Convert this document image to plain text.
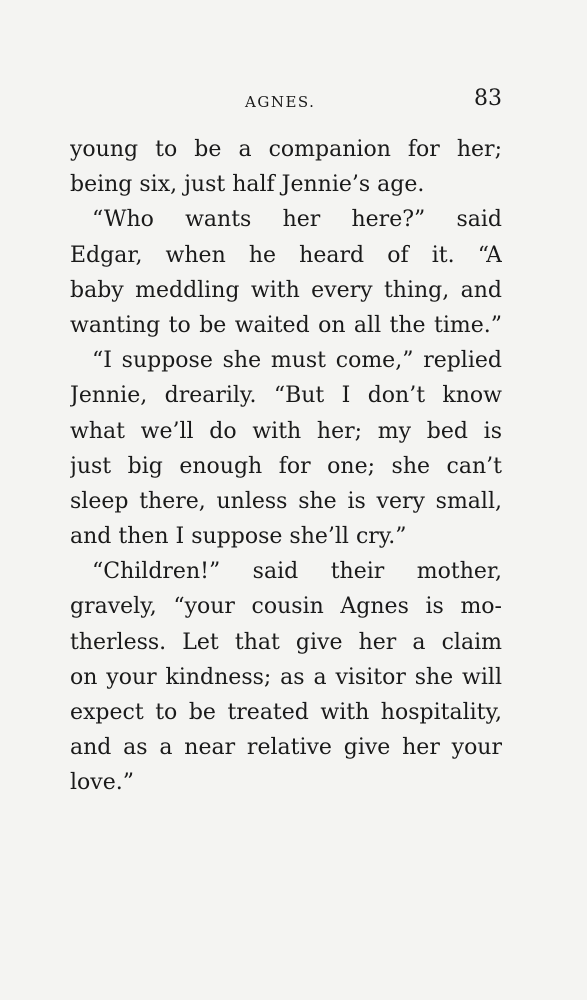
AGNES.	83
young to be a companion for her;
being six, just half Jennie’s age.
“Who wants her here?” said
Edgar, when he heard of it. “A
baby meddling with every thing, and
wanting to be waited on all the time.”
“I suppose she must come,” replied
Jennie, drearily. “But I don’t know
what we’ll do with her; my bed is
just big enough for one; she can’t
sleep there, unless she is very small,
and then I suppose she’ll cry.”
“Children!” said their mother,
gravely, “your cousin Agnes is mo-
therless. Let that give her a claim
on your kindness; as a visitor she will
expect to be treated with hospitality,
and as a near relative give her your
love.”
